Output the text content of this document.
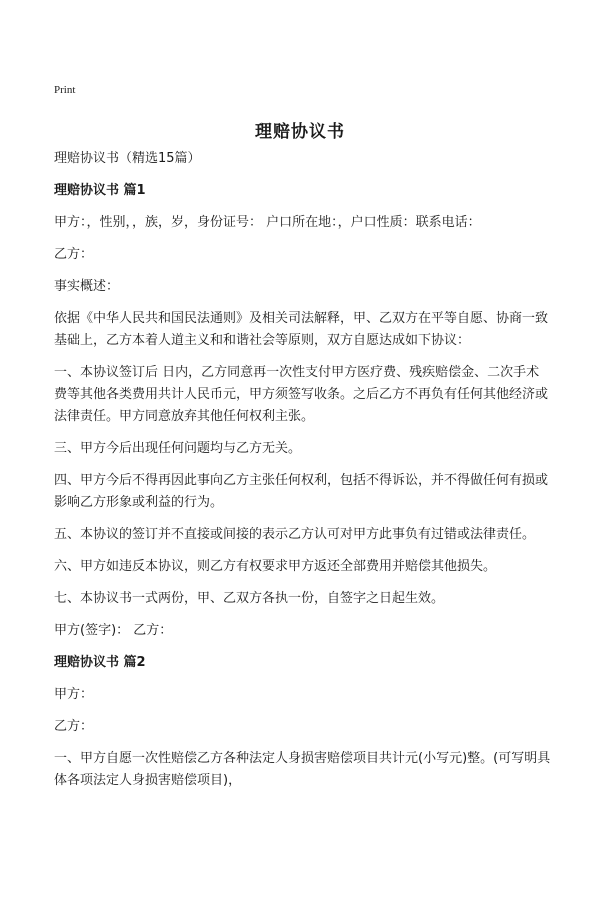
Print
理赔协议书

理赔协议书（精选15篇）

理赔协议书 篇1

甲方：，性别，，族，岁，身份证号： 户口所在地：，户口性质：联系电话：

乙方：

事实概述：

依据《中华人民共和国民法通则》及相关司法解释，甲、乙双方在平等自愿、协商一致基础上，乙方本着人道主义和和谐社会等原则，双方自愿达成如下协议：

一、本协议签订后 日内，乙方同意再一次性支付甲方医疗费、残疾赔偿金、二次手术费等其他各类费用共计人民币元，甲方须签写收条。之后乙方不再负有任何其他经济或法律责任。甲方同意放弃其他任何权利主张。

三、甲方今后出现任何问题均与乙方无关。

四、甲方今后不得再因此事向乙方主张任何权利，包括不得诉讼，并不得做任何有损或影响乙方形象或利益的行为。

五、本协议的签订并不直接或间接的表示乙方认可对甲方此事负有过错或法律责任。

六、甲方如违反本协议，则乙方有权要求甲方返还全部费用并赔偿其他损失。

七、本协议书一式两份，甲、乙双方各执一份，自签字之日起生效。

甲方(签字)： 乙方：

理赔协议书 篇2

甲方：

乙方：

一、甲方自愿一次性赔偿乙方各种法定人身损害赔偿项目共计元(小写元)整。(可写明具体各项法定人身损害赔偿项目)，
